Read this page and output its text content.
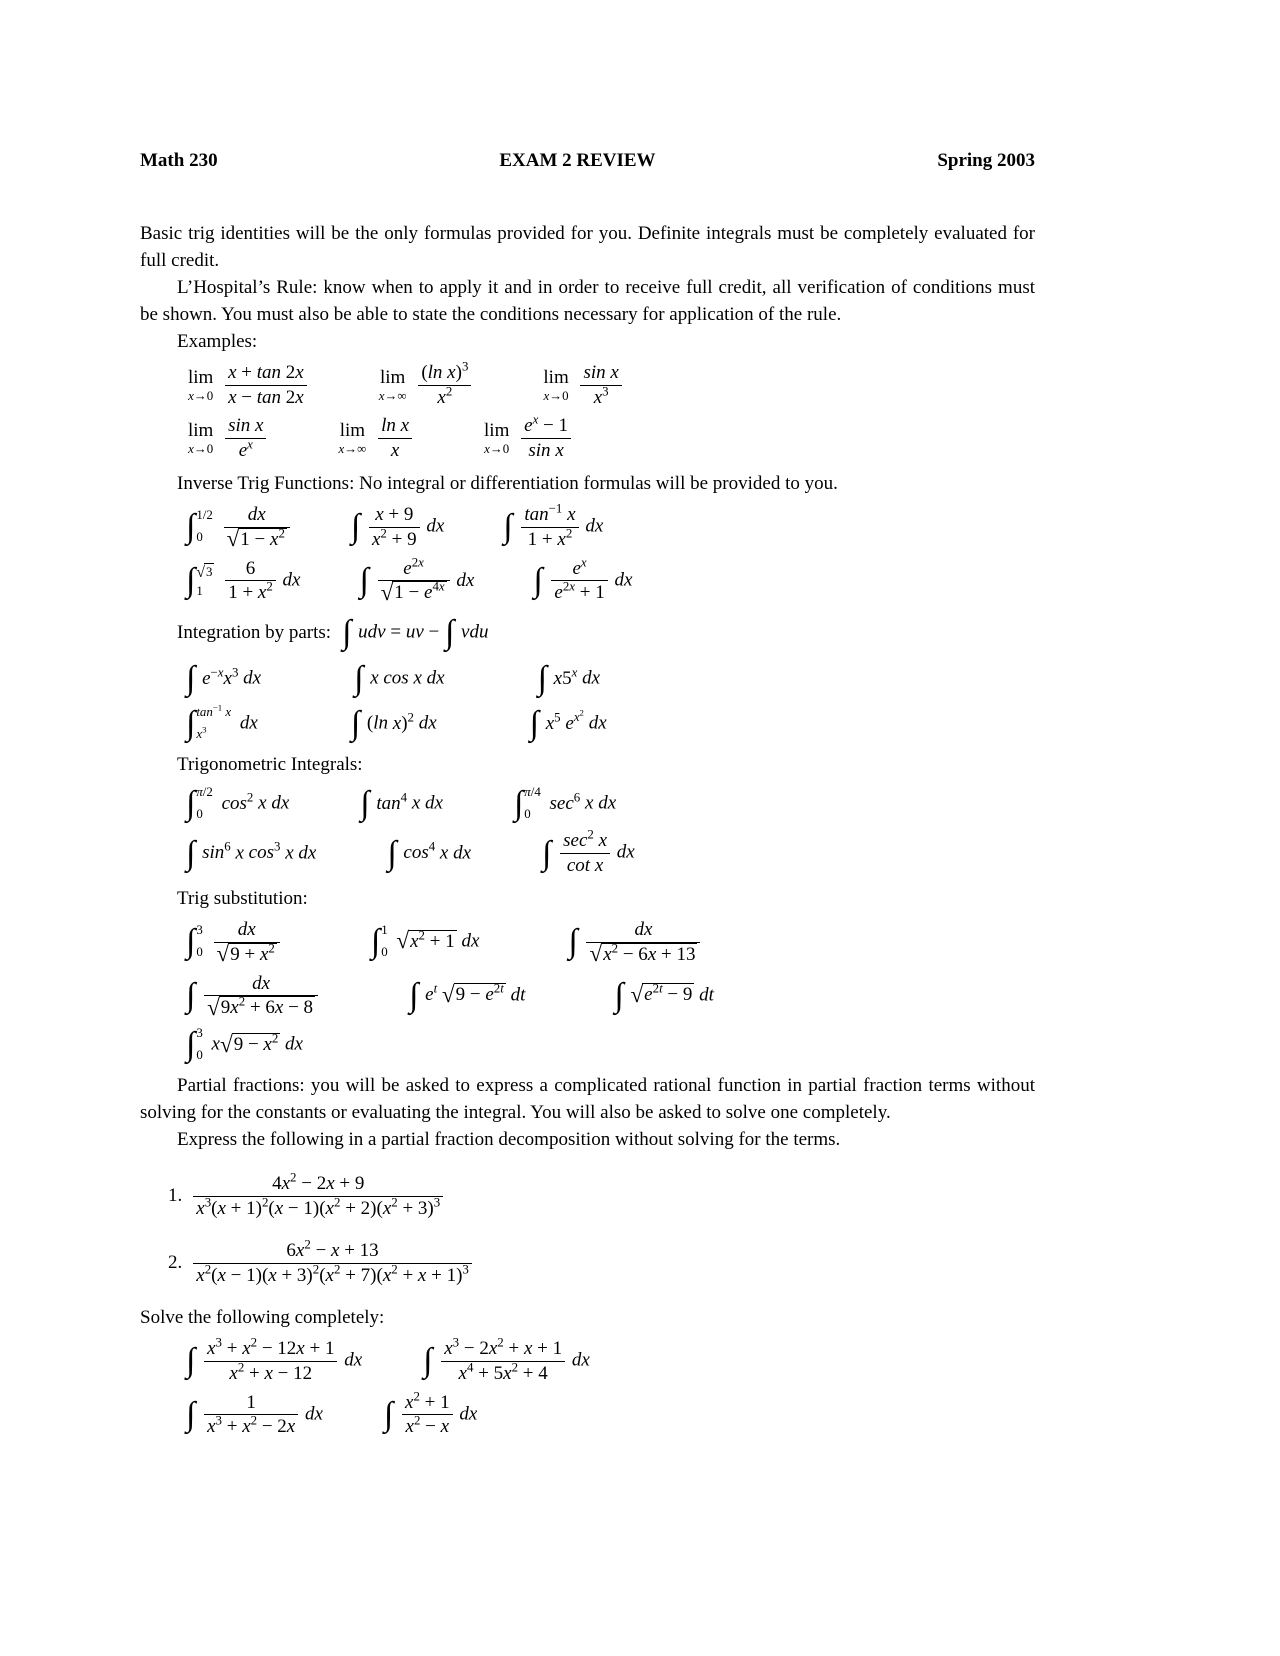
Math 230	EXAM 2 REVIEW	Spring 2003

Basic trig identities will be the only formulas provided for you. Definite integrals must be completely evaluated for full credit.

L’Hospital’s Rule: know when to apply it and in order to receive full credit, all verification of conditions must be shown. You must also be able to state the conditions necessary for application of the rule.

Examples:

lim
x→0
$\frac{x + \tan 2x}{x - \tan 2x}$	lim
x→∞
$\frac{(\ln x)^3}{x^2}$	lim
x→0
$\frac{\text{sin x}}{x^3}$
lim
x→0
$\frac{\text{sin x}}{e^x}$	lim
x→∞
$\frac{\text{ln x}}{x}$	lim
x→0
$\frac{e^x - 1}{\text{sin x}}$

Inverse Trig Functions: No integral or differentiation formulas will be provided to you.

∫ 1/2
0
	$\frac{dx}{√1 - x^2}$ ∫ $\frac{x + 9}{x^2 + 9}$ dx ∫ $\frac{\tan^{-1} x}{1 + x^2}$ dx
∫ √3
1
	$\frac{6}{1 + x^2}$ dx ∫ $\frac{e^{2x}}{√1 - e^{4x}}$ dx ∫ $\frac{e^x}{e^{2x} + 1}$ dx
Integration by parts: ∫ udv = uv − ∫ vdu
∫ $e^{-x}x^3$ dx	∫ x cos x dx	∫ x5$^x$ dx
∫ $\tan^{-1} x$
$x^3$	dx	∫ (ln x)$^2$ dx	∫ $x^5$ $e^{x^2}$ dx

Trigonometric Integrals:

∫ π/2
0
$\cos^2 x$ dx ∫ $\tan^4 x$ dx ∫ π/4
0
$\sec^6 x$ dx
∫ $\sin^6 x$ $\cos^3 x$ dx ∫ $\cos^4 x$ dx ∫ $\sec^2 x$
cot x
dx

Trig substitution:

∫ 3
0
$\frac{dx}{√9 + x^2}$	∫ 1
0 $√x^2 + 1$ dx	∫ $\frac{dx}{√x^2 - 6x + 13}$
∫ $\frac{dx}{√9x^2 + 6x - 8}$	∫ $e^t$ $√9 - e^{2t}$ dt	∫ $√e^{2t} - 9$ dt
∫ 3
0
$x√9 - x^2$ dx

Partial fractions: you will be asked to express a complicated rational function in partial fraction terms without solving for the constants or evaluating the integral. You will also be asked to solve one completely.

Express the following in a partial fraction decomposition without solving for the terms.

1. $\frac{4x^2 - 2x + 9}{x^3(x + 1)^2(x - 1)(x^2 + 2)(x^2 + 3)^3}$
2. $\frac{6x^2 - x + 13}{x^2(x - 1)(x + 3)^2(x^2 + 7)(x^2 + x + 1)^3}$

Solve the following completely:

∫ $\frac{x^3 + x^2 - 12x + 1}{x^2 + x - 12}$ dx ∫ $\frac{x^3 - 2x^2 + x + 1}{x^4 + 5x^2 + 4}$ dx
∫ $\frac{1}{x^3 + x^2 - 2x}$ dx ∫ $\frac{x^2 + 1}{x^2 - x}$ dx
